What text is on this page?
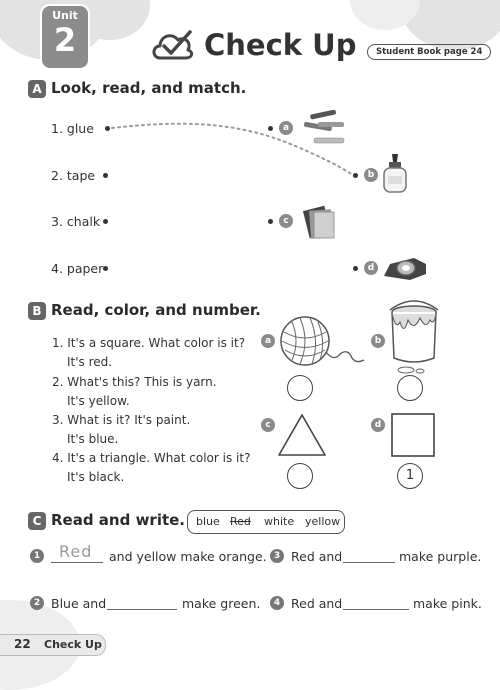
Unit
2	Check Up	Student Book page 24
A Look, read, and match.
1. glue
2. tape
3. chalk
4. paper
a
b
c
d
B Read, color, and number.
1. It's a square. What color is it?
It's red.
2. What's this? This is yarn.
It's yellow.
3. What is it? It's paint.
It's blue.
4. It's a triangle. What color is it?
It's black.
a	b
c	d
1
C Read and write. blue Red white yellow
1 Red and yellow make orange. 3 Red and	make purple.
2 Blue and	make green.	4 Red and	make pink.
22 Check Up
